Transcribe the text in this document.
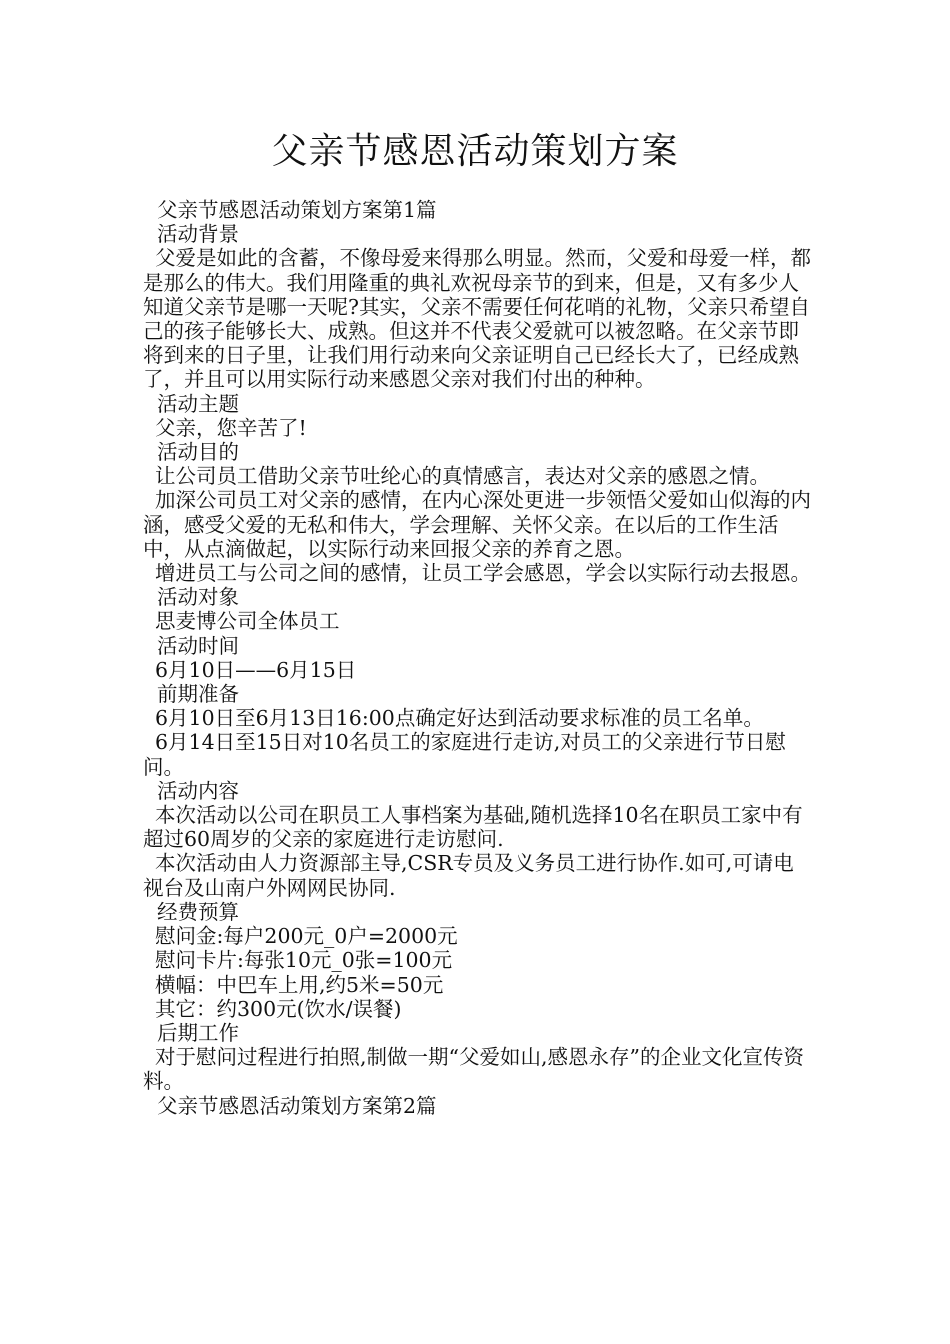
父亲节感恩活动策划方案

父亲节感恩活动策划方案第1篇

活动背景

父爱是如此的含蓄，不像母爱来得那么明显。然而，父爱和母爱一样，都是那么的伟大。我们用隆重的典礼欢祝母亲节的到来，但是，又有多少人知道父亲节是哪一天呢?其实，父亲不需要任何花哨的礼物，父亲只希望自己的孩子能够长大、成熟。但这并不代表父爱就可以被忽略。在父亲节即将到来的日子里，让我们用行动来向父亲证明自己已经长大了，已经成熟了，并且可以用实际行动来感恩父亲对我们付出的种种。

活动主题

父亲，您辛苦了!

活动目的

让公司员工借助父亲节吐纶心的真情感言，表达对父亲的感恩之情。

加深公司员工对父亲的感情，在内心深处更进一步领悟父爱如山似海的内涵，感受父爱的无私和伟大，学会理解、关怀父亲。在以后的工作生活中，从点滴做起，以实际行动来回报父亲的养育之恩。

增进员工与公司之间的感情，让员工学会感恩，学会以实际行动去报恩。

活动对象

思麦博公司全体员工

活动时间

6月10日——6月15日

前期准备

6月10日至6月13日16:00点确定好达到活动要求标准的员工名单。

6月14日至15日对10名员工的家庭进行走访,对员工的父亲进行节日慰问。

活动内容

本次活动以公司在职员工人事档案为基础,随机选择10名在职员工家中有超过60周岁的父亲的家庭进行走访慰问.

本次活动由人力资源部主导,CSR专员及义务员工进行协作.如可,可请电视台及山南户外网网民协同.

经费预算

慰问金:每户200元_0户=2000元

慰问卡片:每张10元_0张=100元

横幅：中巴车上用,约5米=50元

其它：约300元(饮水/误餐)

后期工作

对于慰问过程进行拍照,制做一期“父爱如山,感恩永存”的企业文化宣传资料。

父亲节感恩活动策划方案第2篇
